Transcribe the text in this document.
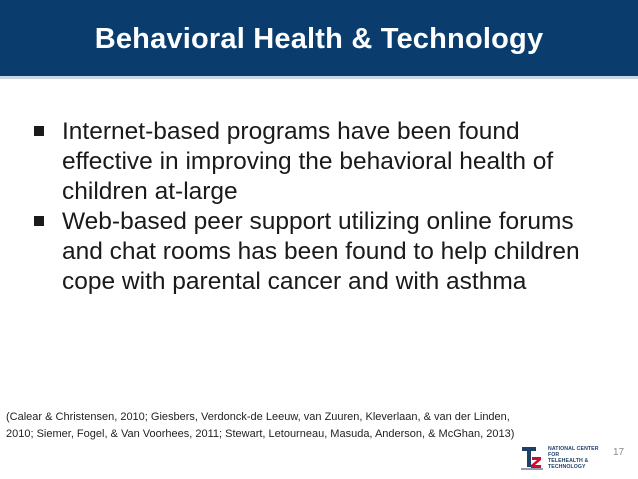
Behavioral Health & Technology
Internet-based programs have been found effective in improving the behavioral health of children at-large
Web-based peer support utilizing online forums and chat rooms has been found to help children cope with parental cancer and with asthma
(Calear & Christensen, 2010; Giesbers, Verdonck-de Leeuw, van Zuuren, Kleverlaan, & van der Linden, 2010; Siemer, Fogel, & Van Voorhees, 2011; Stewart, Letourneau, Masuda, Anderson, & McGhan, 2013)
NATIONAL CENTER FOR
TELEHEALTH & TECHNOLOGY
17
